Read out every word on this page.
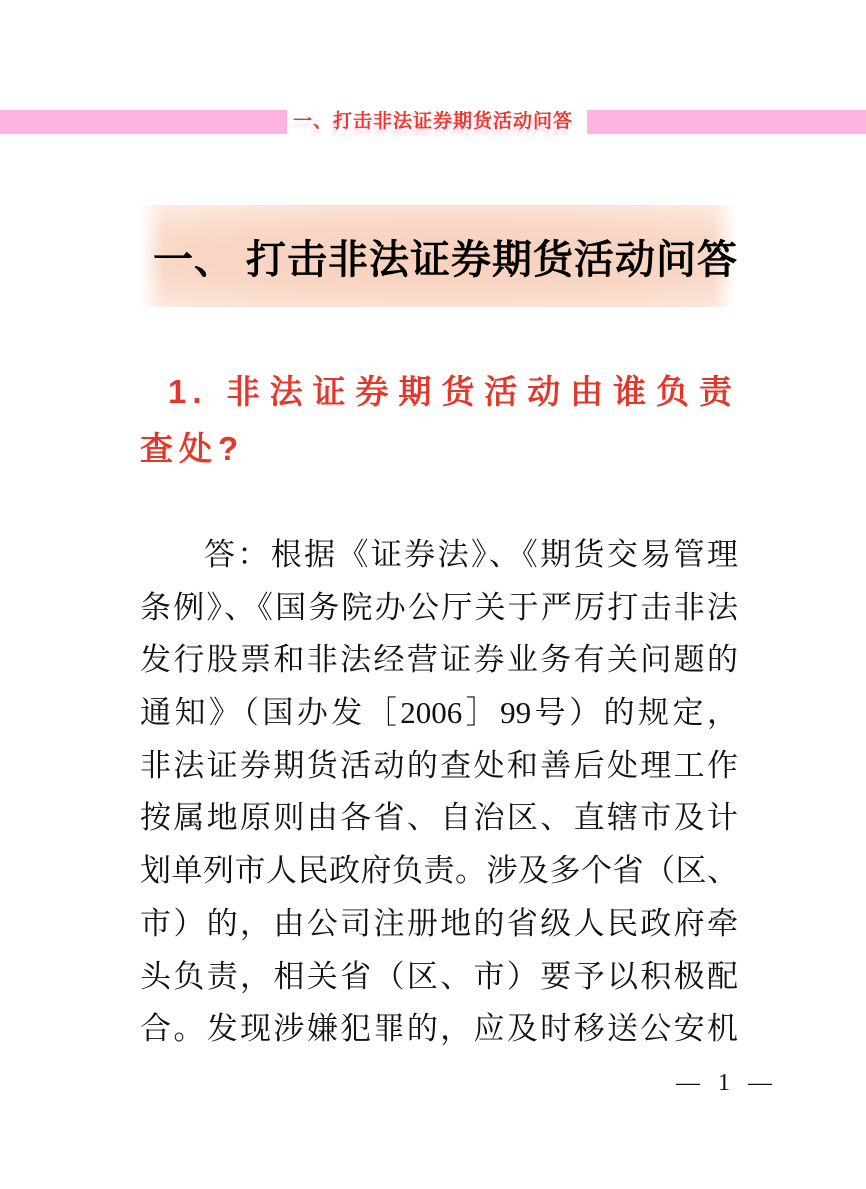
一、打击非法证券期货活动问答
一、 打击非法证券期货活动问答
1. 非法证券期货活动由谁负责
查处?
答：根据《证券法》、《期货交易管理
条例》、《国务院办公厅关于严厉打击非法
发行股票和非法经营证券业务有关问题的
通知》（国办发［2006］99号）的规定，
非法证券期货活动的查处和善后处理工作
按属地原则由各省、自治区、直辖市及计
划单列市人民政府负责。涉及多个省（区、
市）的，由公司注册地的省级人民政府牵
头负责，相关省（区、市）要予以积极配
合。发现涉嫌犯罪的，应及时移送公安机
— 1 —
